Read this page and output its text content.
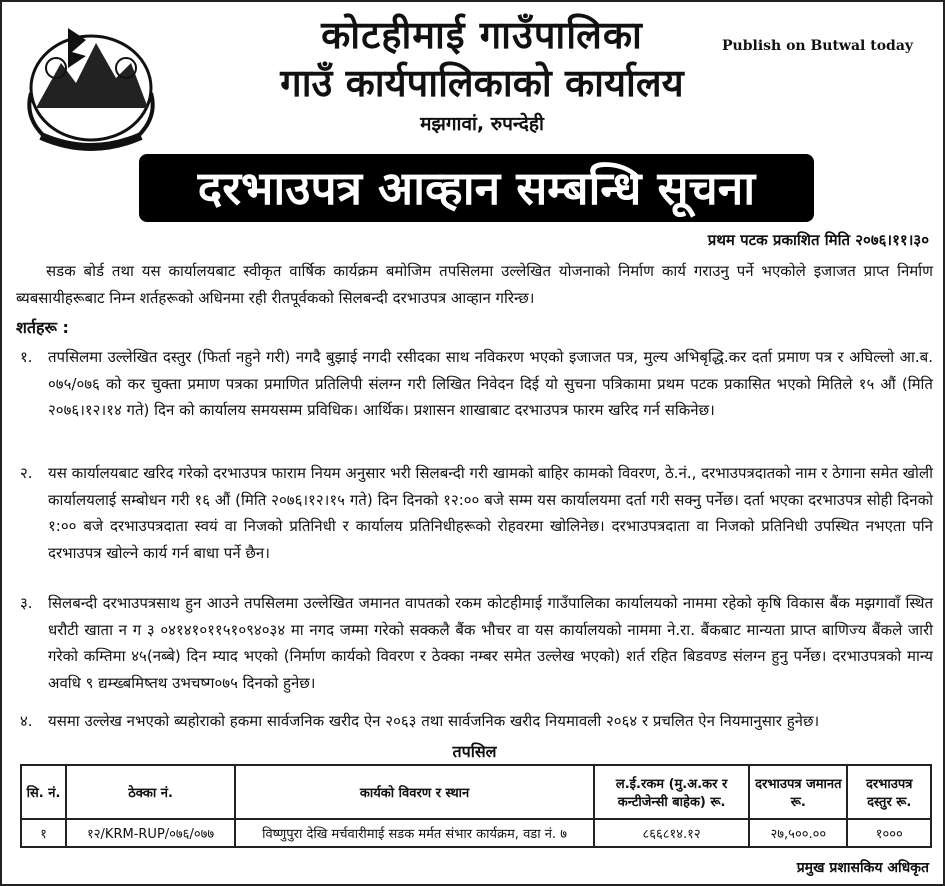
कोटहीमाई गाउँपालिका
गाउँ कार्यपालिकाको कार्यालय
मझगावां, रुपन्देही
Publish on Butwal today
दरभाउपत्र आव्हान सम्बन्धि सूचना
प्रथम पटक प्रकाशित मिति २०७६।११।३०
सडक बोर्ड तथा यस कार्यालयबाट स्वीकृत वार्षिक कार्यक्रम बमोजिम तपसिलमा उल्लेखित योजनाको निर्माण कार्य गराउनु पर्ने भएकोले इजाजत प्राप्त निर्माण ब्यबसायीहरूबाट निम्न शर्तहरूको अधिनमा रही रीतपूर्वकको सिलबन्दी दरभाउपत्र आव्हान गरिन्छ।
शर्तहरू :
१. तपसिलमा उल्लेखित दस्तुर (फिर्ता नहुने गरी) नगदै बुझाई नगदी रसीदका साथ नविकरण भएको इजाजत पत्र, मुल्य अभिबृद्धि.कर दर्ता प्रमाण पत्र र अघिल्लो आ.ब. ०७५/०७६ को कर चुक्ता प्रमाण पत्रका प्रमाणित प्रतिलिपी संलग्न गरी लिखित निवेदन दिई यो सुचना पत्रिकामा प्रथम पटक प्रकासित भएको मितिले १५ औं (मिति २०७६।१२।१४ गते) दिन को कार्यालय समयसम्म प्रविधिक। आर्थिक। प्रशासन शाखाबाट दरभाउपत्र फारम खरिद गर्न सकिनेछ।
२. यस कार्यालयबाट खरिद गरेको दरभाउपत्र फाराम नियम अनुसार भरी सिलबन्दी गरी खामको बाहिर कामको विवरण, ठे.नं., दरभाउपत्रदातको नाम र ठेगाना समेत खोली कार्यालयलाई सम्बोधन गरी १६ औं (मिति २०७६।१२।१५ गते) दिन दिनको १२:०० बजे सम्म यस कार्यालयमा दर्ता गरी सक्नु पर्नेछ। दर्ता भएका दरभाउपत्र सोही दिनको १:०० बजे दरभाउपत्रदाता स्वयं वा निजको प्रतिनिधी र कार्यालय प्रतिनिधीहरूको रोहवरमा खोलिनेछ। दरभाउपत्रदाता वा निजको प्रतिनिधी उपस्थित नभएता पनि दरभाउपत्र खोल्ने कार्य गर्न बाधा पर्ने छैन।
३. सिलबन्दी दरभाउपत्रसाथ हुन आउने तपसिलमा उल्लेखित जमानत वापतको रकम कोटहीमाई गाउँपालिका कार्यालयको नाममा रहेको कृषि विकास बैंक मझगावाँ स्थित धरौटी खाता न ग ३ ०४१४१०११५१०९४०३४ मा नगद जम्मा गरेको सक्कलै बैंक भौचर वा यस कार्यालयको नाममा ने.रा. बैंकबाट मान्यता प्राप्त बाणिज्य बैंकले जारी गरेको कम्तिमा ४५(नब्बे) दिन म्याद भएको (निर्माण कार्यको विवरण र ठेक्का नम्बर समेत उल्लेख भएको) शर्त रहित बिडवण्ड संलग्न हुनु पर्नेछ। दरभाउपत्रको मान्य अवधि ९ द्यम्ख्बमिष्तथ उभचष्ग०७५ दिनको हुनेछ।
४. यसमा उल्लेख नभएको ब्यहोराको हकमा सार्वजनिक खरीद ऐन २०६३ तथा सार्वजनिक खरीद नियमावली २०६४ र प्रचलित ऐन नियमानुसार हुनेछ।
तपसिल
सि. नं.	ठेक्का नं.	कार्यको विवरण र स्थान	ल.ई.रकम (मु.अ.कर र कन्टीजेन्सी बाहेक) रू.	दरभाउपत्र जमानत रू.	दरभाउपत्र दस्तुर रू.
१	१२/KRM-RUP/०७६/०७७	विष्णुपुरा देखि मर्चवारीमाई सडक मर्मत संभार कार्यक्रम, वडा नं. ७	८६६८१४.१२	२७,५००.००	१०००
प्रमुख प्रशासकिय अधिकृत
